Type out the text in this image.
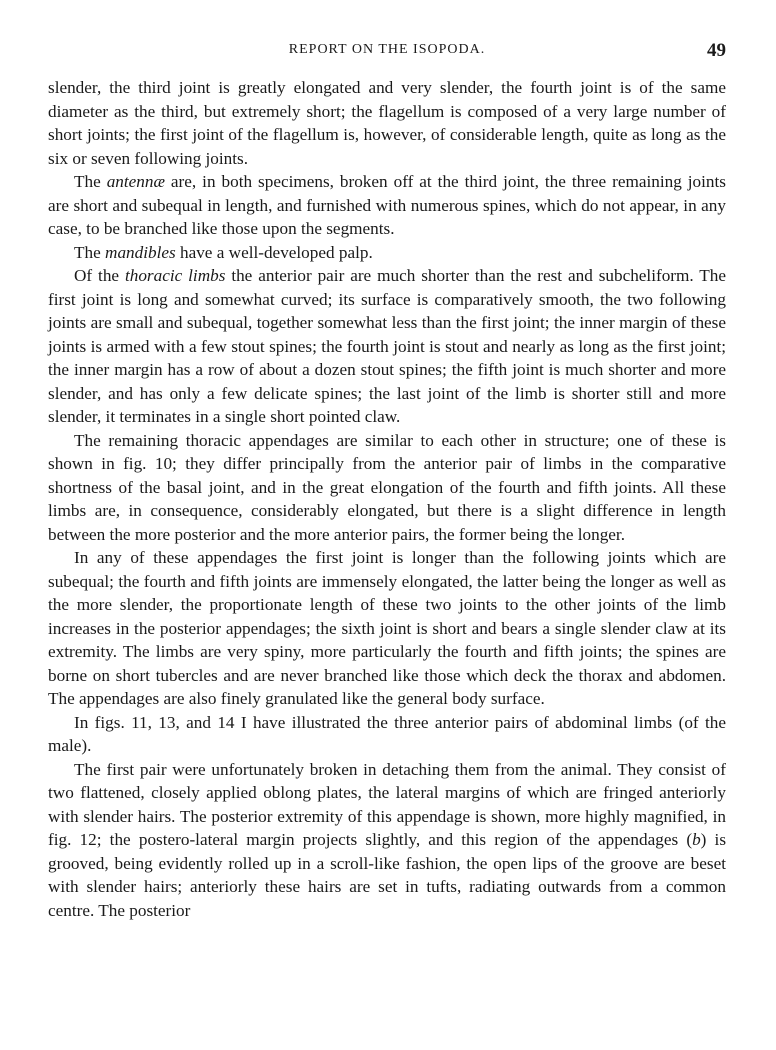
REPORT ON THE ISOPODA.	49

slender, the third joint is greatly elongated and very slender, the fourth joint is of the same diameter as the third, but extremely short; the flagellum is composed of a very large number of short joints; the first joint of the flagellum is, however, of considerable length, quite as long as the six or seven following joints.

The antennæ are, in both specimens, broken off at the third joint, the three remaining joints are short and subequal in length, and furnished with numerous spines, which do not appear, in any case, to be branched like those upon the segments.

The mandibles have a well-developed palp.

Of the thoracic limbs the anterior pair are much shorter than the rest and subcheliform. The first joint is long and somewhat curved; its surface is comparatively smooth, the two following joints are small and subequal, together somewhat less than the first joint; the inner margin of these joints is armed with a few stout spines; the fourth joint is stout and nearly as long as the first joint; the inner margin has a row of about a dozen stout spines; the fifth joint is much shorter and more slender, and has only a few delicate spines; the last joint of the limb is shorter still and more slender, it terminates in a single short pointed claw.

The remaining thoracic appendages are similar to each other in structure; one of these is shown in fig. 10; they differ principally from the anterior pair of limbs in the comparative shortness of the basal joint, and in the great elongation of the fourth and fifth joints. All these limbs are, in consequence, considerably elongated, but there is a slight difference in length between the more posterior and the more anterior pairs, the former being the longer.

In any of these appendages the first joint is longer than the following joints which are subequal; the fourth and fifth joints are immensely elongated, the latter being the longer as well as the more slender, the proportionate length of these two joints to the other joints of the limb increases in the posterior appendages; the sixth joint is short and bears a single slender claw at its extremity. The limbs are very spiny, more particularly the fourth and fifth joints; the spines are borne on short tubercles and are never branched like those which deck the thorax and abdomen. The appendages are also finely granulated like the general body surface.

In figs. 11, 13, and 14 I have illustrated the three anterior pairs of abdominal limbs (of the male).

The first pair were unfortunately broken in detaching them from the animal. They consist of two flattened, closely applied oblong plates, the lateral margins of which are fringed anteriorly with slender hairs. The posterior extremity of this appendage is shown, more highly magnified, in fig. 12; the postero-lateral margin projects slightly, and this region of the appendages (b) is grooved, being evidently rolled up in a scroll-like fashion, the open lips of the groove are beset with slender hairs; anteriorly these hairs are set in tufts, radiating outwards from a common centre. The posterior
